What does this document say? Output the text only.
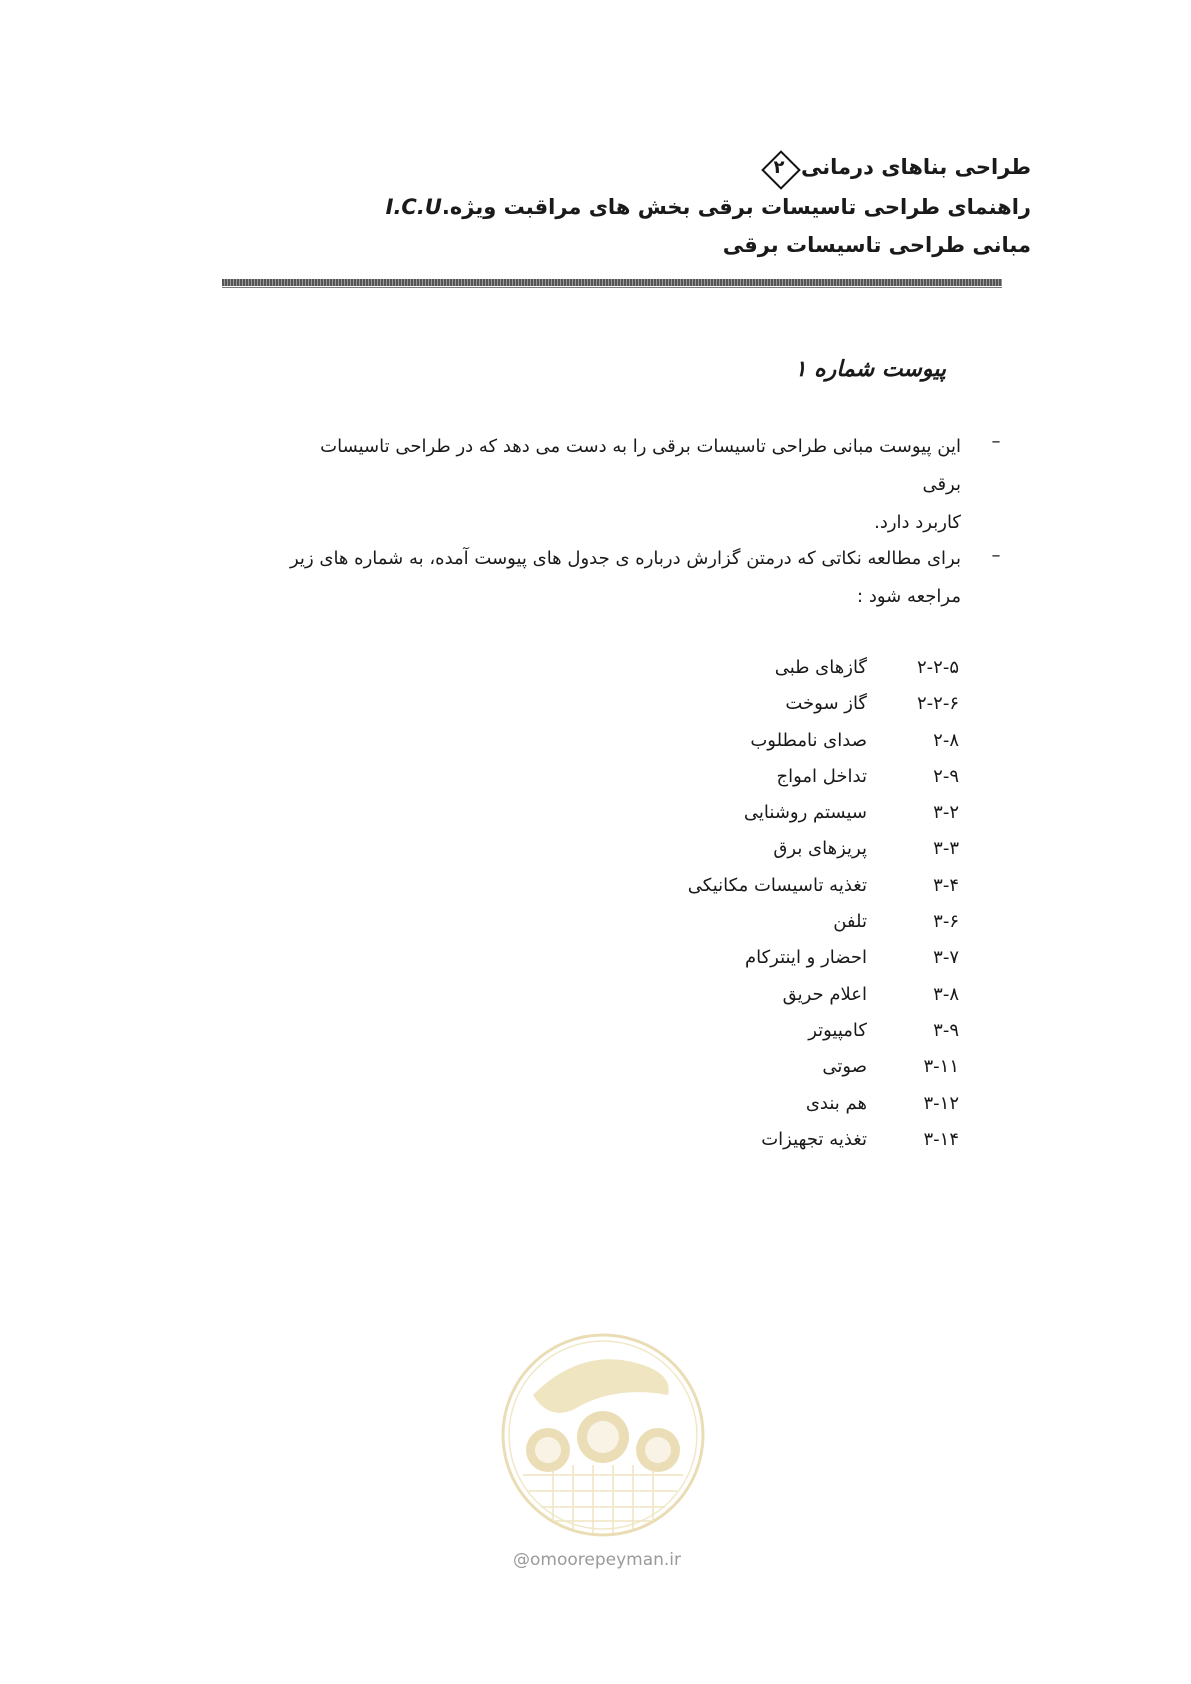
طراحی بناهای درمانی
۲
راهنمای طراحی تاسیسات برقی بخش های مراقبت ویژه.I.C.U
مبانی طراحی تاسیسات برقی
پیوست شماره ۱
–
این پیوست مبانی طراحی تاسیسات برقی را به دست می دهد که در طراحی تاسیسات برقی
کاربرد دارد.
–
برای مطالعه نکاتی که درمتن گزارش درباره ی جدول های پیوست آمده، به شماره های زیر
مراجعه شود :
۲-۲-۵گازهای طبی
۲-۲-۶گاز سوخت
۲-۸صدای نامطلوب
۲-۹تداخل امواج
۳-۲سیستم روشنایی
۳-۳پریزهای برق
۳-۴تغذیه تاسیسات مکانیکی
۳-۶تلفن
۳-۷احضار و اینترکام
۳-۸اعلام حریق
۳-۹کامپیوتر
۳-۱۱صوتی
۳-۱۲هم بندی
۳-۱۴تغذیه تجهیزات
@omoorepeyman.ir
